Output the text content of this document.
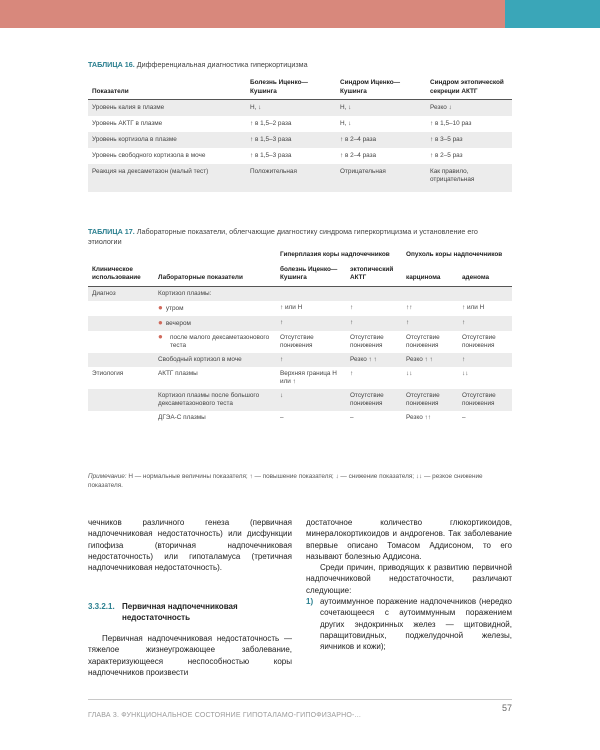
ТАБЛИЦА 16. Дифференциальная диагностика гиперкортицизма
Показатели	Болезнь Иценко—Кушинга	Синдром Иценко—Кушинга	Синдром эктопической секреции АКТГ
Уровень калия в плазме	Н, ↓	Н, ↓	Резко ↓
Уровень АКТГ в плазме	↑ в 1,5–2 раза	Н, ↓	↑ в 1,5–10 раз
Уровень кортизола в плазме	↑ в 1,5–3 раза	↑ в 2–4 раза	↑ в 3–5 раз
Уровень свободного кортизола в моче	↑ в 1,5–3 раза	↑ в 2–4 раза	↑ в 2–5 раз
Реакция на дексаметазон (малый тест)	Положительная	Отрицательная	Как правило, отрицательная
ТАБЛИЦА 17. Лабораторные показатели, облегчающие диагностику синдрома гиперкортицизма и установление его этиологии
		Гиперплазия коры надпочечников		Опухоль коры надпочечников	
Клиническое использование	Лабораторные показатели	болезнь Иценко—Кушинга	эктопический АКТГ	карцинома	аденома
Диагноз	Кортизол плазмы:				
	● утром	↑ или Н	↑	↑↑	↑ или Н
	● вечером	↑	↑	↑	↑

	● после малого дексаметазонового теста	Отсутствие понижения	Отсутствие понижения	Отсутствие понижения	Отсутствие понижения
	Свободный кортизол в моче	↑	Резко ↑ ↑	Резко ↑ ↑	↑
Этиология	АКТГ плазмы	Верхняя граница Н или ↑	↑	↓↓	↓↓
	Кортизол плазмы после большого дексаметазонового теста	↓	Отсутствие понижения	Отсутствие понижения	Отсутствие понижения
	ДГЭА-С плазмы	–	–	Резко ↑↑	–
Примечание: Н — нормальные величины показателя; ↑ — повышение показателя; ↓ — снижение показателя; ↓↓ — резкое снижение показателя.
чечников различного генеза (первичная надпочечниковая недостаточность) или дисфункции гипофиза (вторичная надпочечниковая недостаточность) или гипоталамуса (третичная надпочечниковая недостаточность).
3.3.2.1. Первичная надпочечниковая недостаточность
Первичная надпочечниковая недостаточность — тяжелое жизнеугрожающее заболевание, характеризующееся неспособностью коры надпочечников произвести
достаточное количество глюкортикоидов, минералокортикоидов и андрогенов. Так заболевание впервые описано Томасом Аддисоном, то его называют болезнью Аддисона.
Среди причин, приводящих к развитию первичной надпочечниковой недостаточности, различают следующие:
1) аутоиммунное поражение надпочечников (нередко сочетающееся с аутоиммунным поражением других эндокринных желез — щитовидной, паращитовидных, поджелудочной железы, яичников и кожи);
ГЛАВА 3. ФУНКЦИОНАЛЬНОЕ СОСТОЯНИЕ ГИПОТАЛАМО-ГИПОФИЗАРНО-...
57
